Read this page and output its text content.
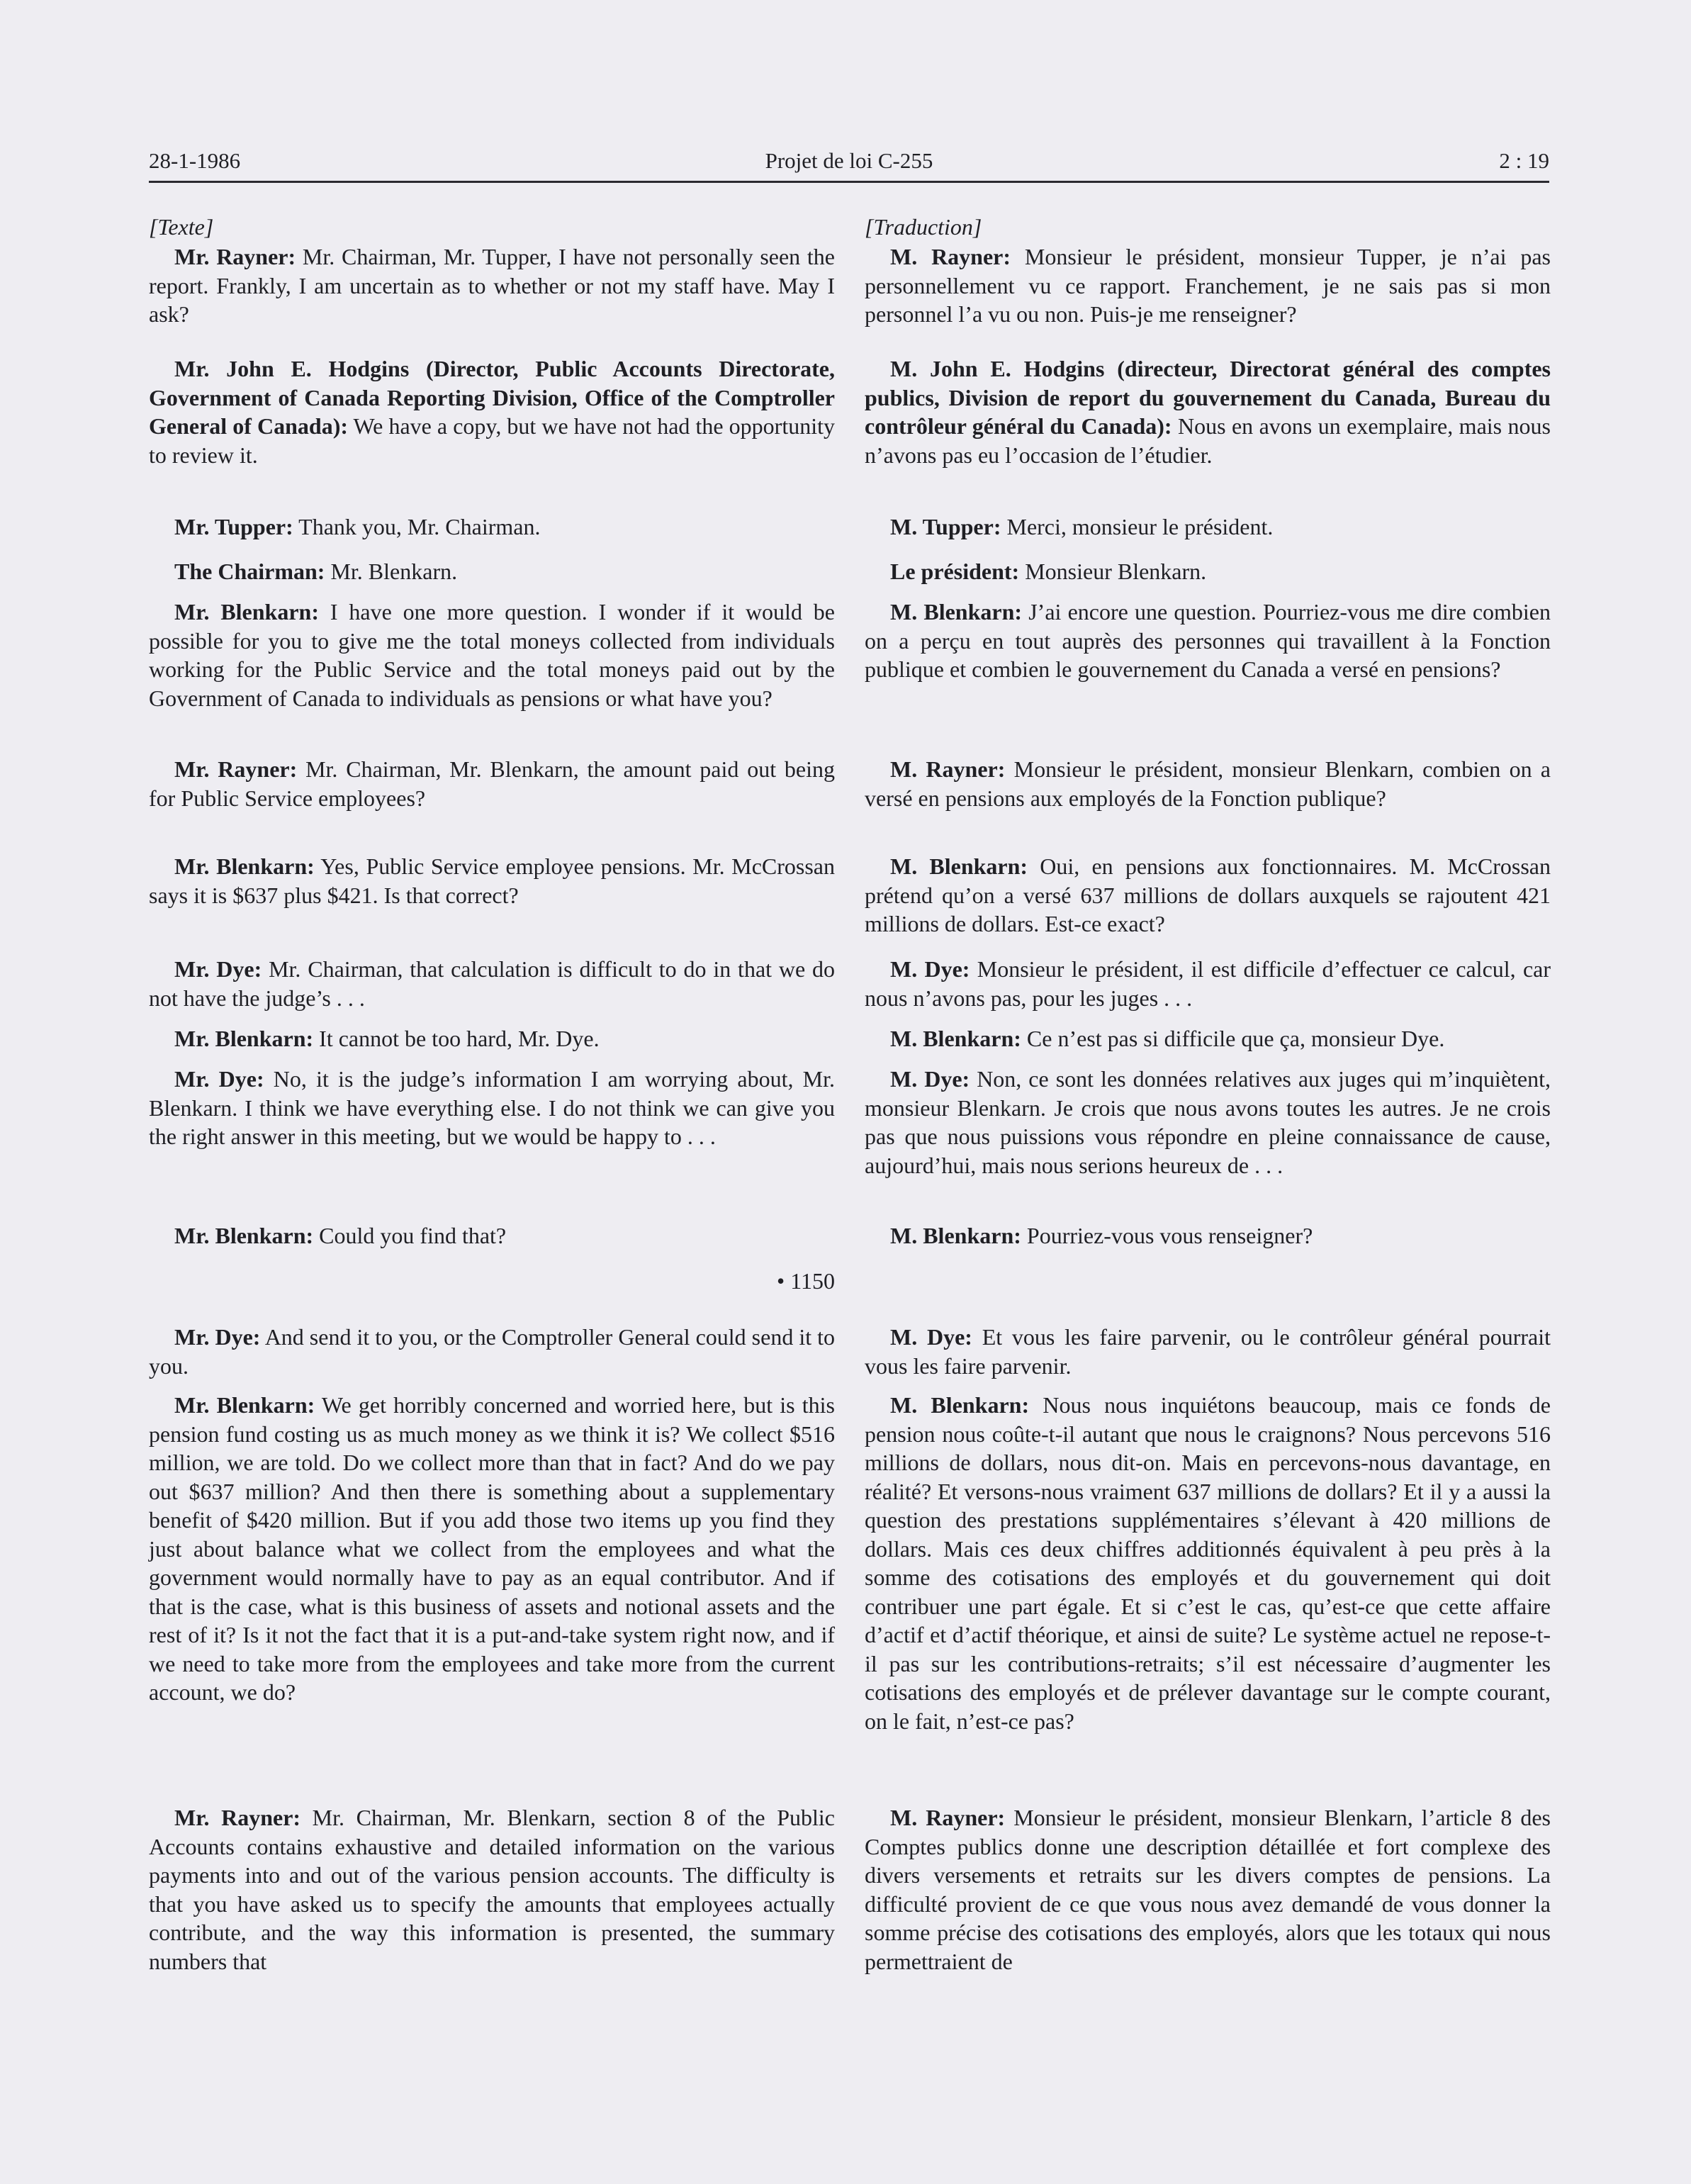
28-1-1986	Projet de loi C-255	2 : 19
[Texte]

Mr. Rayner: Mr. Chairman, Mr. Tupper, I have not personally seen the report. Frankly, I am uncertain as to whether or not my staff have. May I ask?

Mr. John E. Hodgins (Director, Public Accounts Directorate, Government of Canada Reporting Division, Office of the Comptroller General of Canada): We have a copy, but we have not had the opportunity to review it.

Mr. Tupper: Thank you, Mr. Chairman.

The Chairman: Mr. Blenkarn.

Mr. Blenkarn: I have one more question. I wonder if it would be possible for you to give me the total moneys collected from individuals working for the Public Service and the total moneys paid out by the Government of Canada to individuals as pensions or what have you?

Mr. Rayner: Mr. Chairman, Mr. Blenkarn, the amount paid out being for Public Service employees?

Mr. Blenkarn: Yes, Public Service employee pensions. Mr. McCrossan says it is $637 plus $421. Is that correct?

Mr. Dye: Mr. Chairman, that calculation is difficult to do in that we do not have the judge’s . . .

Mr. Blenkarn: It cannot be too hard, Mr. Dye.

Mr. Dye: No, it is the judge’s information I am worrying about, Mr. Blenkarn. I think we have everything else. I do not think we can give you the right answer in this meeting, but we would be happy to . . .

Mr. Blenkarn: Could you find that?

• 1150

Mr. Dye: And send it to you, or the Comptroller General could send it to you.

Mr. Blenkarn: We get horribly concerned and worried here, but is this pension fund costing us as much money as we think it is? We collect $516 million, we are told. Do we collect more than that in fact? And do we pay out $637 million? And then there is something about a supplementary benefit of $420 million. But if you add those two items up you find they just about balance what we collect from the employees and what the government would normally have to pay as an equal contributor. And if that is the case, what is this business of assets and notional assets and the rest of it? Is it not the fact that it is a put-and-take system right now, and if we need to take more from the employees and take more from the current account, we do?

Mr. Rayner: Mr. Chairman, Mr. Blenkarn, section 8 of the Public Accounts contains exhaustive and detailed information on the various payments into and out of the various pension accounts. The difficulty is that you have asked us to specify the amounts that employees actually contribute, and the way this information is presented, the summary numbers that

[Traduction]

M. Rayner: Monsieur le président, monsieur Tupper, je n’ai pas personnellement vu ce rapport. Franchement, je ne sais pas si mon personnel l’a vu ou non. Puis-je me renseigner?

M. John E. Hodgins (directeur, Directorat général des comptes publics, Division de report du gouvernement du Canada, Bureau du contrôleur général du Canada): Nous en avons un exemplaire, mais nous n’avons pas eu l’occasion de l’étudier.

M. Tupper: Merci, monsieur le président.

Le président: Monsieur Blenkarn.

M. Blenkarn: J’ai encore une question. Pourriez-vous me dire combien on a perçu en tout auprès des personnes qui travaillent à la Fonction publique et combien le gouvernement du Canada a versé en pensions?

M. Rayner: Monsieur le président, monsieur Blenkarn, combien on a versé en pensions aux employés de la Fonction publique?

M. Blenkarn: Oui, en pensions aux fonctionnaires. M. McCrossan prétend qu’on a versé 637 millions de dollars auxquels se rajoutent 421 millions de dollars. Est-ce exact?

M. Dye: Monsieur le président, il est difficile d’effectuer ce calcul, car nous n’avons pas, pour les juges . . .

M. Blenkarn: Ce n’est pas si difficile que ça, monsieur Dye.

M. Dye: Non, ce sont les données relatives aux juges qui m’inquiètent, monsieur Blenkarn. Je crois que nous avons toutes les autres. Je ne crois pas que nous puissions vous répondre en pleine connaissance de cause, aujourd’hui, mais nous serions heureux de . . .

M. Blenkarn: Pourriez-vous vous renseigner?

M. Dye: Et vous les faire parvenir, ou le contrôleur général pourrait vous les faire parvenir.

M. Blenkarn: Nous nous inquiétons beaucoup, mais ce fonds de pension nous coûte-t-il autant que nous le craignons? Nous percevons 516 millions de dollars, nous dit-on. Mais en percevons-nous davantage, en réalité? Et versons-nous vraiment 637 millions de dollars? Et il y a aussi la question des prestations supplémentaires s’élevant à 420 millions de dollars. Mais ces deux chiffres additionnés équivalent à peu près à la somme des cotisations des employés et du gouvernement qui doit contribuer une part égale. Et si c’est le cas, qu’est-ce que cette affaire d’actif et d’actif théorique, et ainsi de suite? Le système actuel ne repose-t-il pas sur les contributions-retraits; s’il est nécessaire d’augmenter les cotisations des employés et de prélever davantage sur le compte courant, on le fait, n’est-ce pas?

M. Rayner: Monsieur le président, monsieur Blenkarn, l’article 8 des Comptes publics donne une description détaillée et fort complexe des divers versements et retraits sur les divers comptes de pensions. La difficulté provient de ce que vous nous avez demandé de vous donner la somme précise des cotisations des employés, alors que les totaux qui nous permettraient de
